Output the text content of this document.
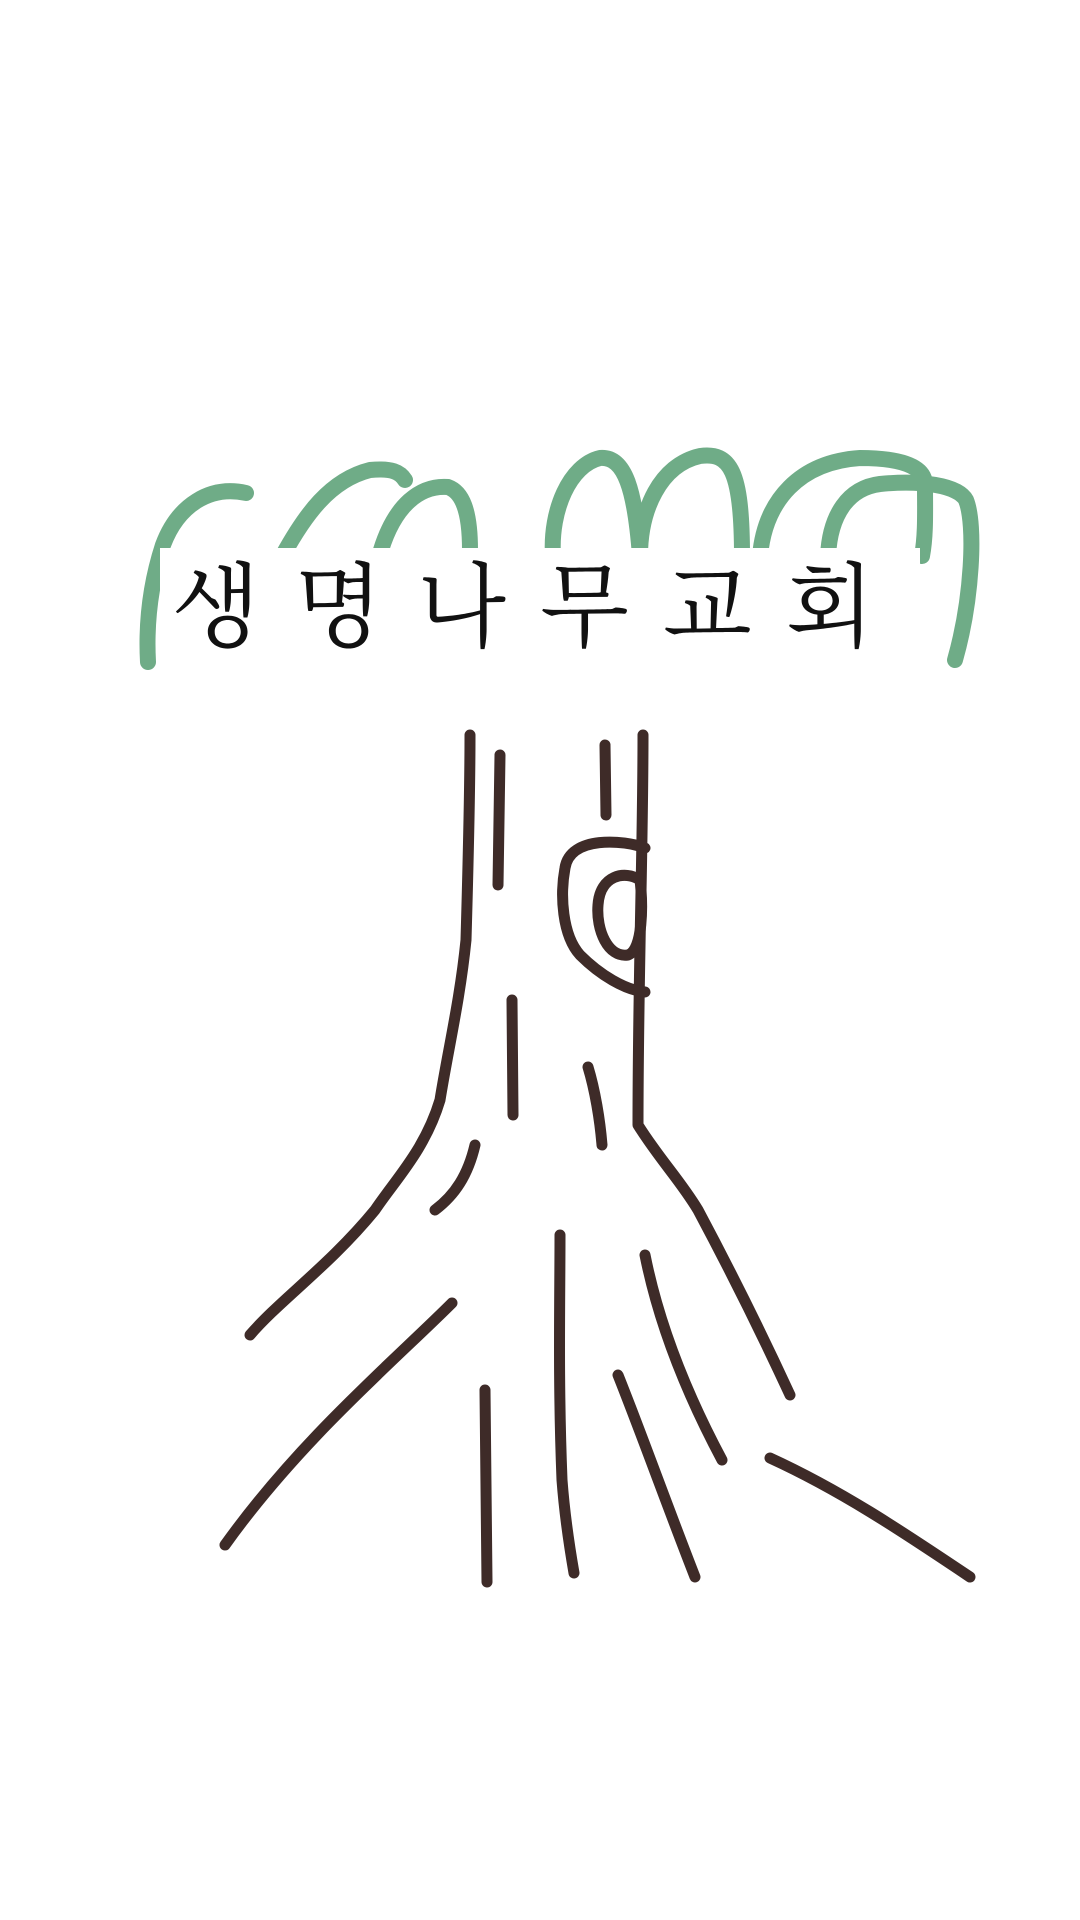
생명나무교회
